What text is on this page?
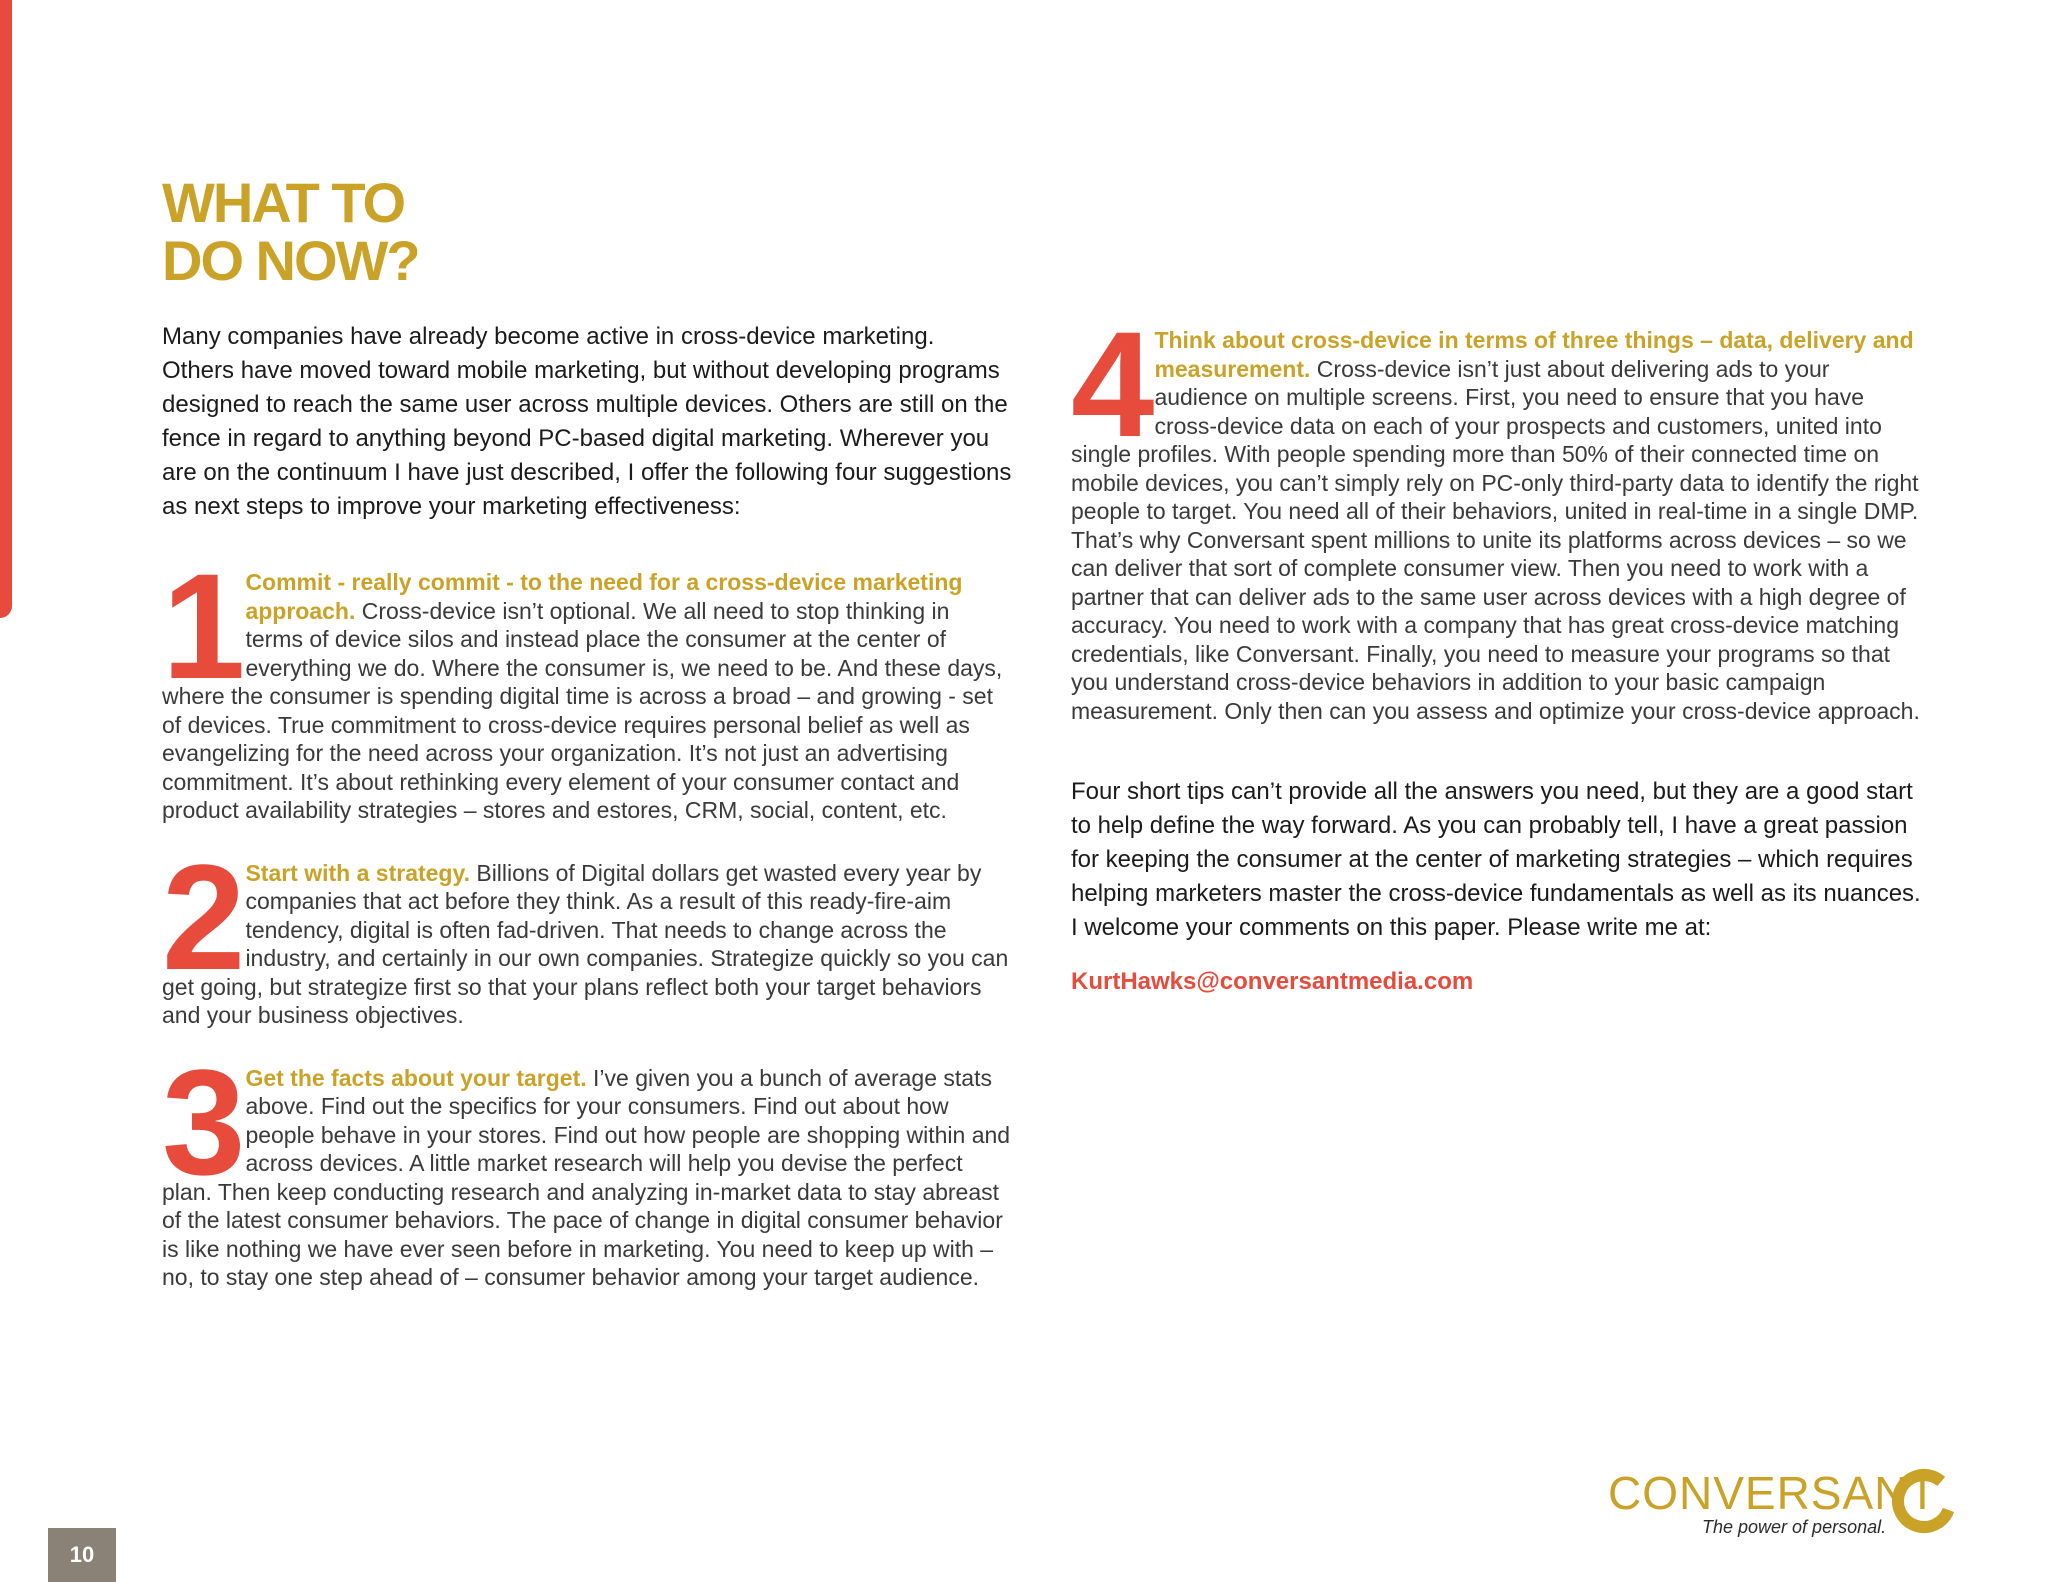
WHAT TO
DO NOW?

Many companies have already become active in cross-device marketing. Others have moved toward mobile marketing, but without developing programs designed to reach the same user across multiple devices. Others are still on the fence in regard to anything beyond PC-based digital marketing. Wherever you are on the continuum I have just described, I offer the following four suggestions as next steps to improve your marketing effectiveness:

1 Commit - really commit - to the need for a cross-device marketing approach. Cross-device isn’t optional. We all need to stop thinking in terms of device silos and instead place the consumer at the center of everything we do. Where the consumer is, we need to be. And these days, where the consumer is spending digital time is across a broad – and growing - set of devices. True commitment to cross-device requires personal belief as well as evangelizing for the need across your organization. It’s not just an advertising commitment. It’s about rethinking every element of your consumer contact and product availability strategies – stores and estores, CRM, social, content, etc.

2 Start with a strategy. Billions of Digital dollars get wasted every year by companies that act before they think. As a result of this ready-fire-aim tendency, digital is often fad-driven. That needs to change across the industry, and certainly in our own companies. Strategize quickly so you can get going, but strategize first so that your plans reflect both your target behaviors and your business objectives.

3 Get the facts about your target. I’ve given you a bunch of average stats above. Find out the specifics for your consumers. Find out about how people behave in your stores. Find out how people are shopping within and across devices. A little market research will help you devise the perfect plan. Then keep conducting research and analyzing in-market data to stay abreast of the latest consumer behaviors. The pace of change in digital consumer behavior is like nothing we have ever seen before in marketing. You need to keep up with – no, to stay one step ahead of – consumer behavior among your target audience.

4 Think about cross-device in terms of three things – data, delivery and measurement. Cross-device isn’t just about delivering ads to your audience on multiple screens. First, you need to ensure that you have cross-device data on each of your prospects and customers, united into single profiles. With people spending more than 50% of their connected time on mobile devices, you can’t simply rely on PC-only third-party data to identify the right people to target. You need all of their behaviors, united in real-time in a single DMP. That’s why Conversant spent millions to unite its platforms across devices – so we can deliver that sort of complete consumer view. Then you need to work with a partner that can deliver ads to the same user across devices with a high degree of accuracy. You need to work with a company that has great cross-device matching credentials, like Conversant. Finally, you need to measure your programs so that you understand cross-device behaviors in addition to your basic campaign measurement. Only then can you assess and optimize your cross-device approach.

Four short tips can’t provide all the answers you need, but they are a good start to help define the way forward. As you can probably tell, I have a great passion for keeping the consumer at the center of marketing strategies – which requires helping marketers master the cross-device fundamentals as well as its nuances. I welcome your comments on this paper. Please write me at:

KurtHawks@conversantmedia.com
10
CONVERSANT
The power of personal.
